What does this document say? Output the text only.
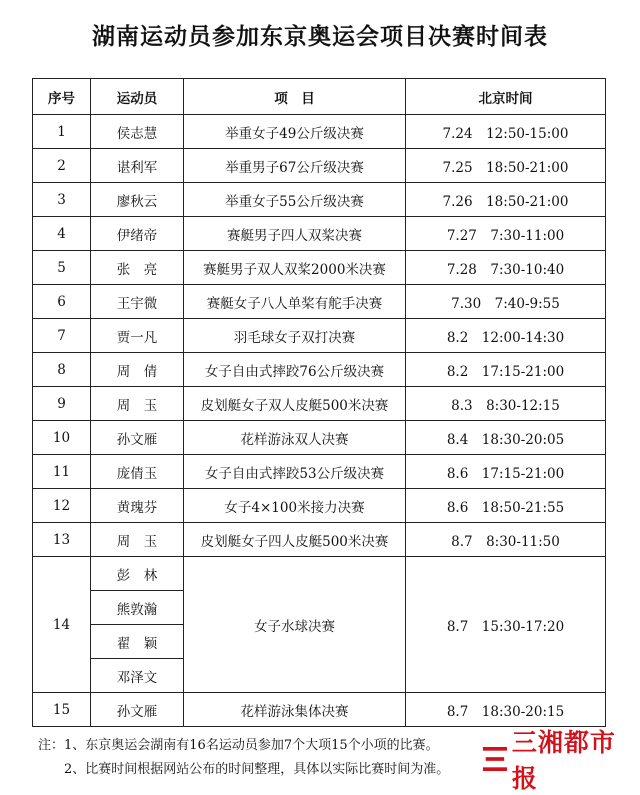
湖南运动员参加东京奥运会项目决赛时间表
序号	运动员	项　目	北京时间
1	侯志慧	举重女子49公斤级决赛	7.24　12:50-15:00
2	谌利军	举重男子67公斤级决赛	7.25　18:50-21:00
3	廖秋云	举重女子55公斤级决赛	7.26　18:50-21:00
4	伊绪帝	赛艇男子四人双桨决赛	7.27　7:30-11:00
5	张　亮	赛艇男子双人双桨2000米决赛	7.28　7:30-10:40
6	王宇微	赛艇女子八人单桨有舵手决赛	7.30　7:40-9:55
7	贾一凡	羽毛球女子双打决赛	8.2　12:00-14:30
8	周　倩	女子自由式摔跤76公斤级决赛	8.2　17:15-21:00
9	周　玉	皮划艇女子双人皮艇500米决赛	8.3　8:30-12:15
10	孙文雁	花样游泳双人决赛	8.4　18:30-20:05
11	庞倩玉	女子自由式摔跤53公斤级决赛	8.6　17:15-21:00
12	黄瑰芬	女子4×100米接力决赛	8.6　18:50-21:55
13	周　玉	皮划艇女子四人皮艇500米决赛	8.7　8:30-11:50
14	彭　林	女子水球决赛	8.7　15:30-17:20
	熊敦瀚		
	翟　颖		
	邓泽文		
15	孙文雁	花样游泳集体决赛	8.7　18:30-20:15
注：1、东京奥运会湖南有16名运动员参加7个大项15个小项的比赛。
2、比赛时间根据网站公布的时间整理，具体以实际比赛时间为准。
三湘都市报
